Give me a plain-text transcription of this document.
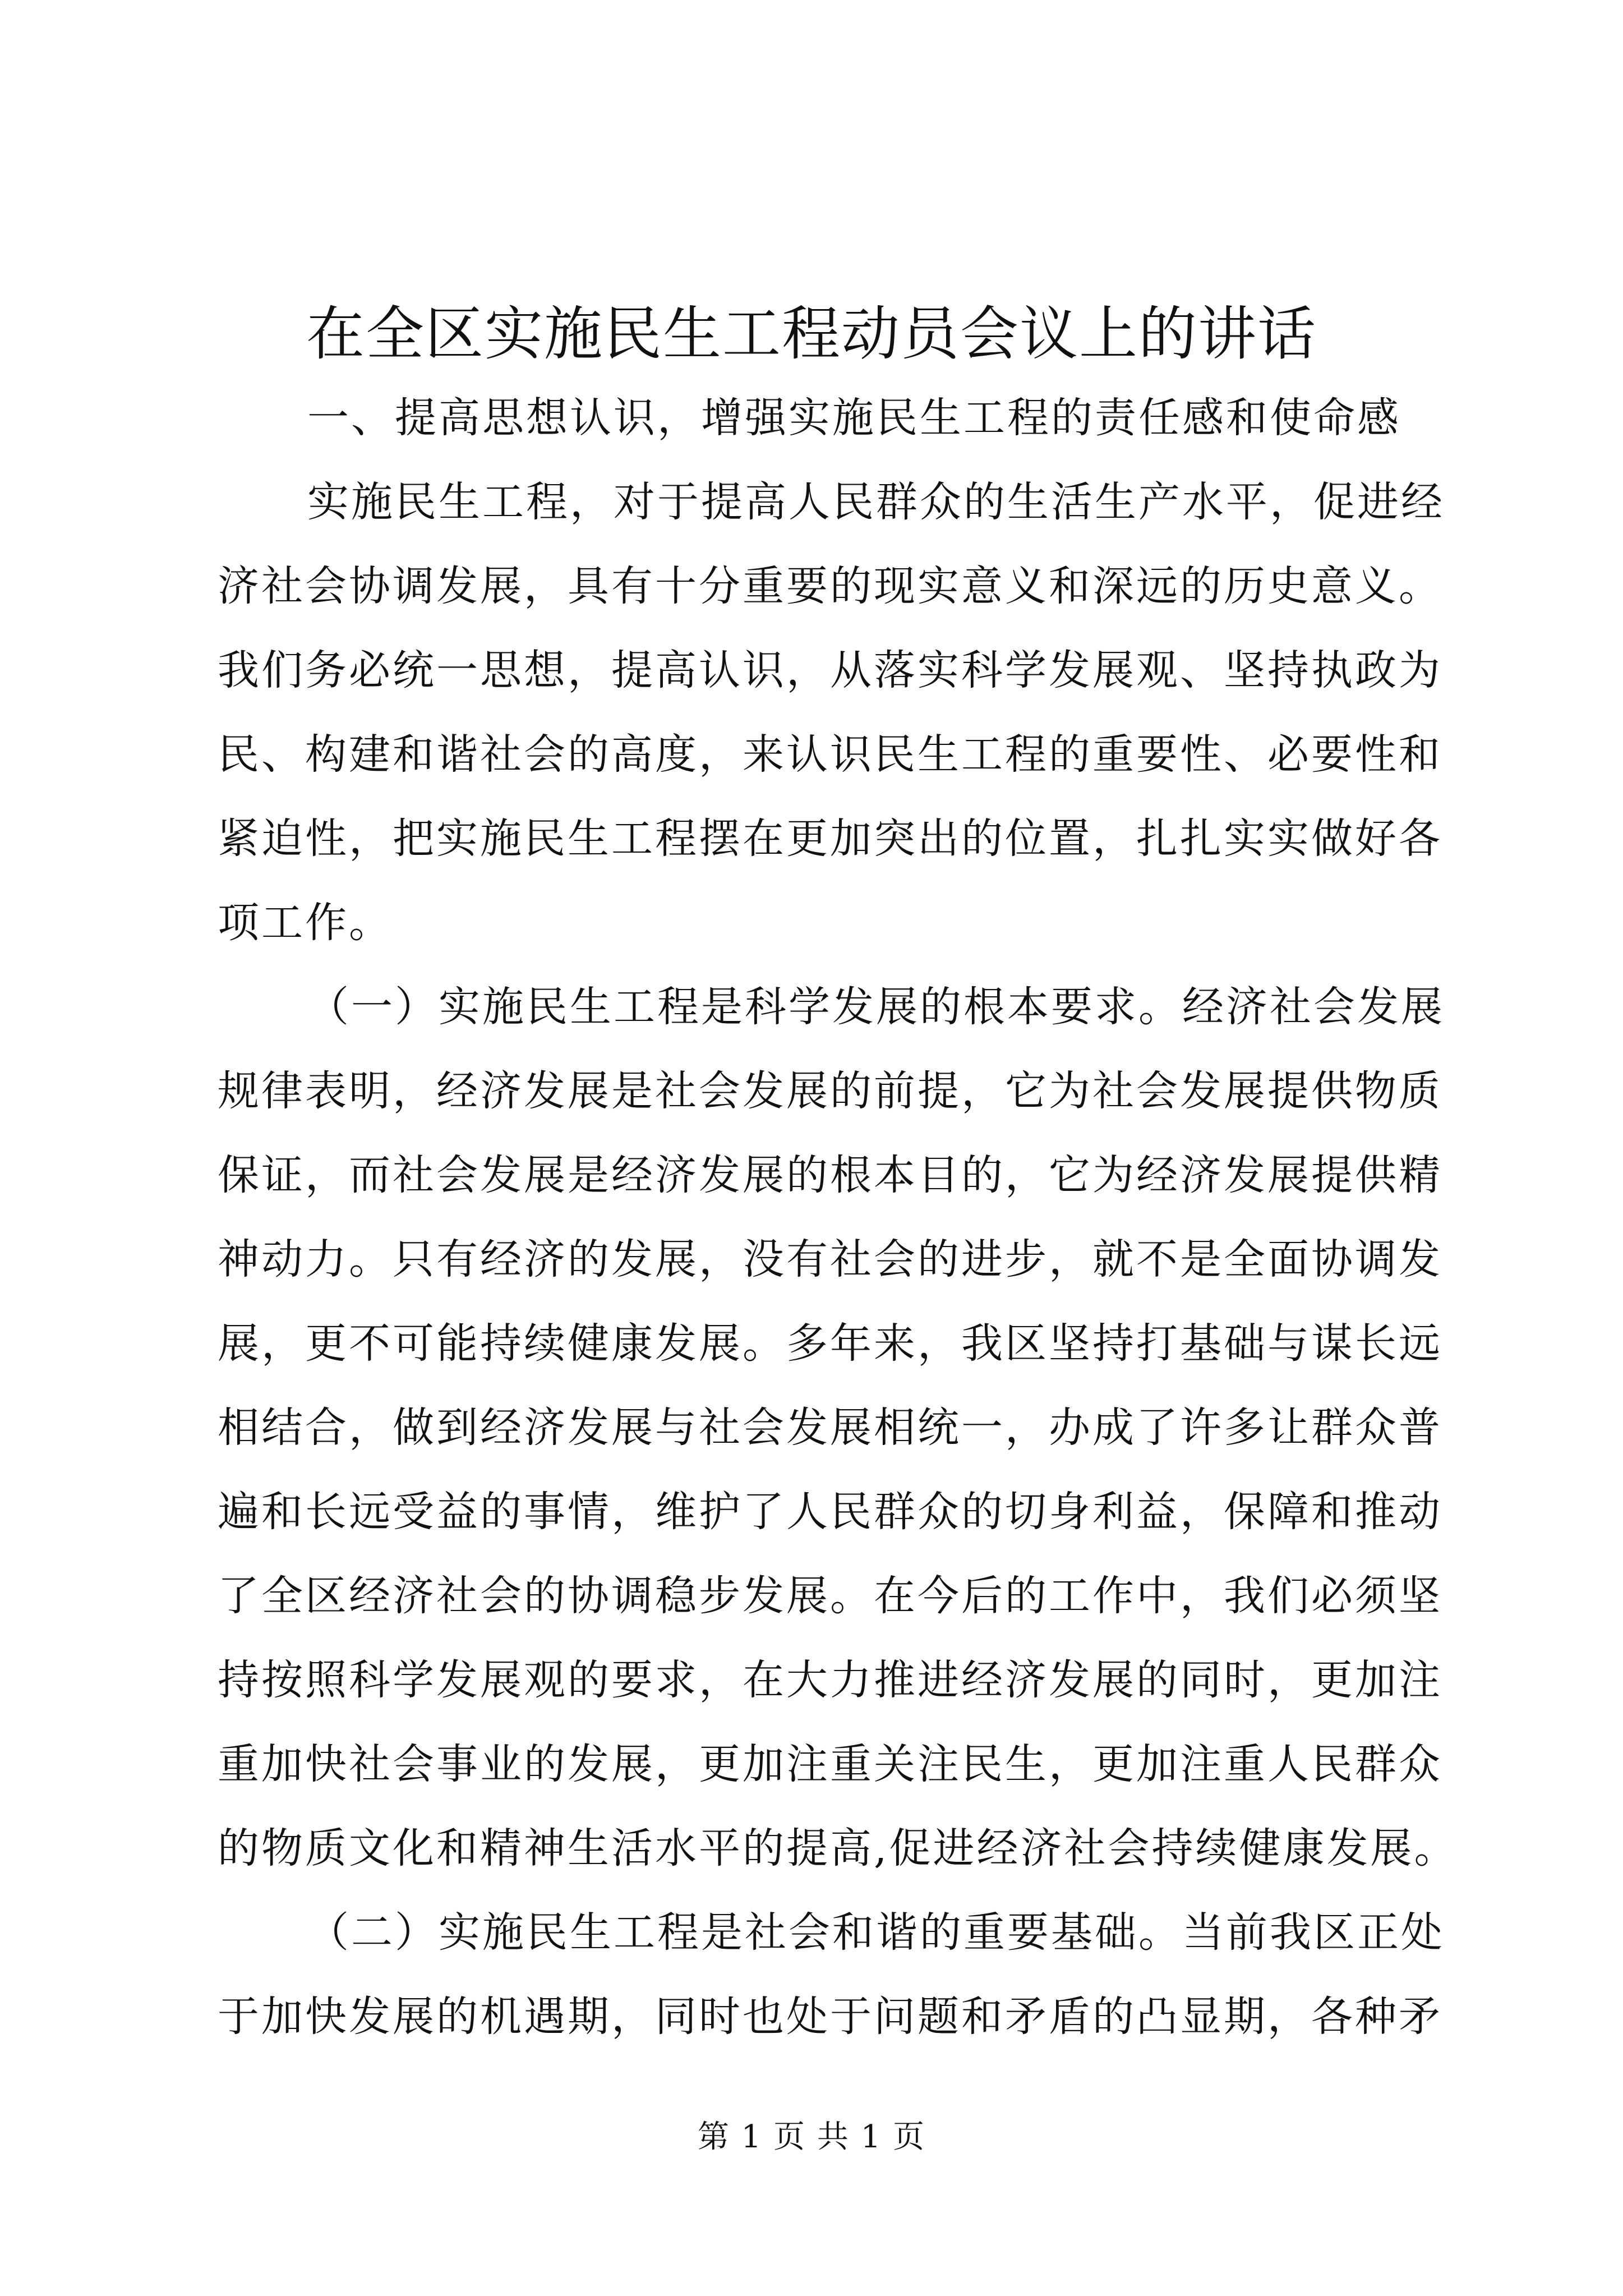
在全区实施民生工程动员会议上的讲话
一、提高思想认识，增强实施民生工程的责任感和使命感
实施民生工程，对于提高人民群众的生活生产水平，促进经
济社会协调发展，具有十分重要的现实意义和深远的历史意义。
我们务必统一思想，提高认识，从落实科学发展观、坚持执政为
民、构建和谐社会的高度，来认识民生工程的重要性、必要性和
紧迫性，把实施民生工程摆在更加突出的位置，扎扎实实做好各
项工作。
（一）实施民生工程是科学发展的根本要求。经济社会发展
规律表明，经济发展是社会发展的前提，它为社会发展提供物质
保证，而社会发展是经济发展的根本目的，它为经济发展提供精
神动力。只有经济的发展，没有社会的进步，就不是全面协调发
展，更不可能持续健康发展。多年来，我区坚持打基础与谋长远
相结合，做到经济发展与社会发展相统一，办成了许多让群众普
遍和长远受益的事情，维护了人民群众的切身利益，保障和推动
了全区经济社会的协调稳步发展。在今后的工作中，我们必须坚
持按照科学发展观的要求，在大力推进经济发展的同时，更加注
重加快社会事业的发展，更加注重关注民生，更加注重人民群众
的物质文化和精神生活水平的提高,促进经济社会持续健康发展。
（二）实施民生工程是社会和谐的重要基础。当前我区正处
于加快发展的机遇期，同时也处于问题和矛盾的凸显期，各种矛
第 1 页 共 1 页
